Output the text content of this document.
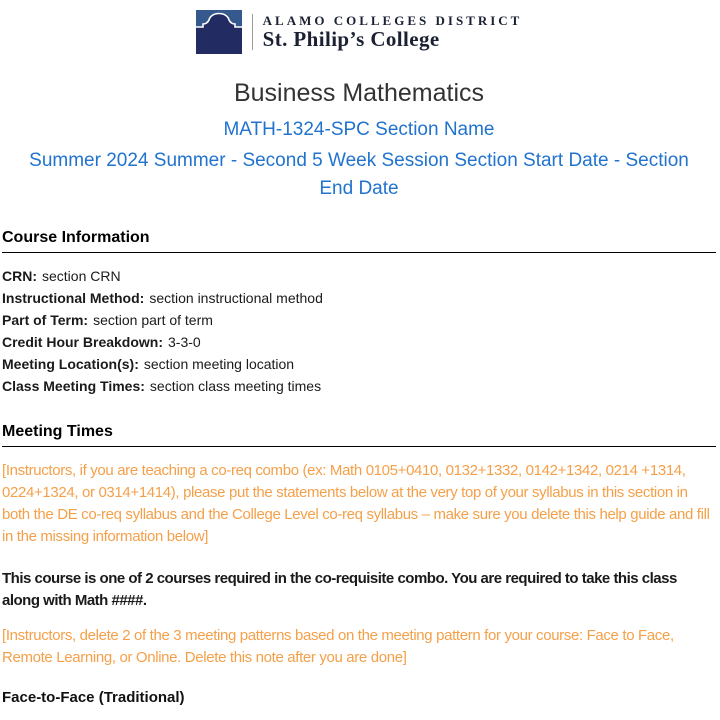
ALAMO COLLEGES DISTRICT
St. Philip’s College
Business Mathematics
MATH-1324-SPC Section Name
Summer 2024 Summer - Second 5 Week Session Section Start Date - Section End Date
Course Information
CRN: section CRN
Instructional Method: section instructional method
Part of Term: section part of term
Credit Hour Breakdown: 3-3-0
Meeting Location(s): section meeting location
Class Meeting Times: section class meeting times
Meeting Times

[Instructors, if you are teaching a co-req combo (ex: Math 0105+0410, 0132+1332, 0142+1342, 0214 +1314, 0224+1324, or 0314+1414), please put the statements below at the very top of your syllabus in this section in both the DE co-req syllabus and the College Level co-req syllabus – make sure you delete this help guide and fill in the missing information below]

This course is one of 2 courses required in the co-requisite combo. You are required to take this class along with Math ####.

[Instructors, delete 2 of the 3 meeting patterns based on the meeting pattern for your course: Face to Face, Remote Learning, or Online. Delete this note after you are done]

Face-to-Face (Traditional)
